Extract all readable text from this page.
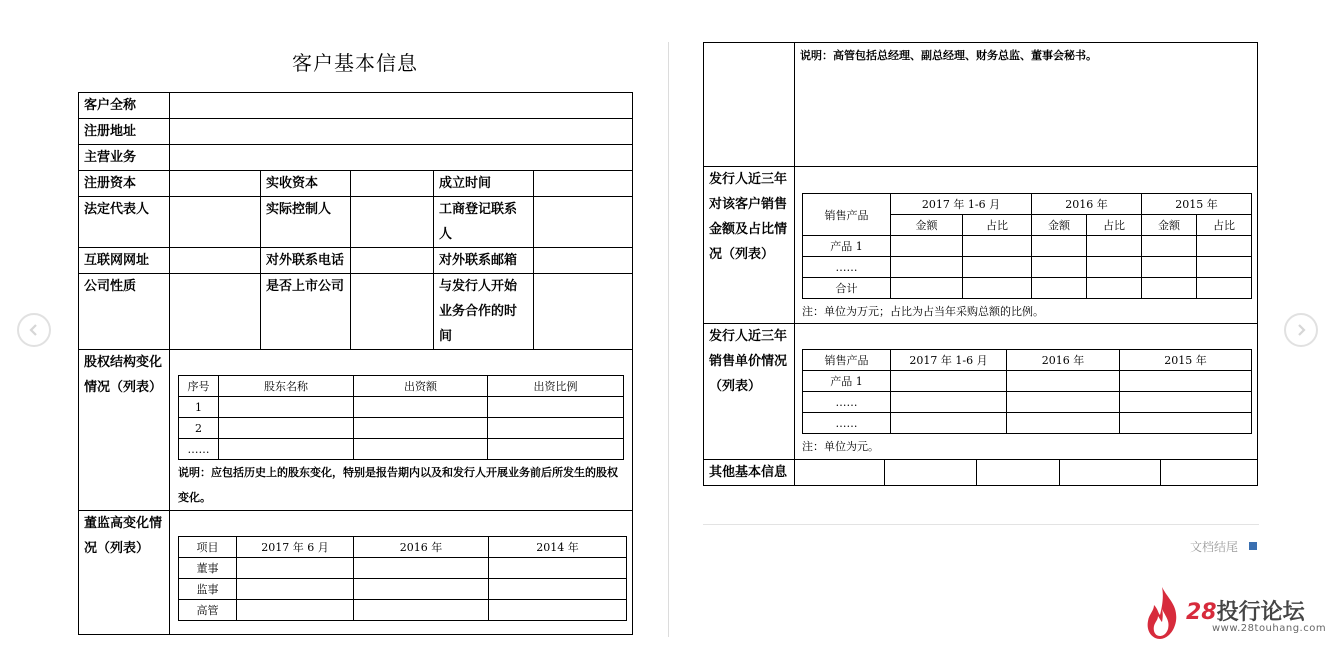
客户基本信息
客户全称	
注册地址	
主营业务	
注册资本		实收资本		成立时间	
法定代表人		实际控制人		工商登记联系人	
互联网网址		对外联系电话		对外联系邮箱	
公司性质		是否上市公司		与发行人开始业务合作的时间	
股权结构变化情况（列表）	序号	股东名称	出资额	出资比例
1			
2			
……			
说明：应包括历史上的股东变化，特别是报告期内以及和发行人开展业务前后所发生的股权变化。

董监高变化情况（列表）		项目	2017 年 6 月	2016 年	2014 年
董事			
监事			
高管			

说明：高管包括总经理、副总经理、财务总监、董事会秘书。

发行人近三年对该客户销售金额及占比情况（列表）	
销售产品	2017 年 1-6 月	2016 年	2015 年
金额	占比	金额	占比	金额	占比
产品 1						
……						
合计						
注：单位为万元；占比为占当年采购总额的比例。

发行人近三年销售单价情况（列表）	
销售产品	2017 年 1-6 月	2016 年	2015 年
产品 1			
……			
……			
注：单位为元。

其他基本信息	

文档结尾
28投行论坛
www.28touhang.com
